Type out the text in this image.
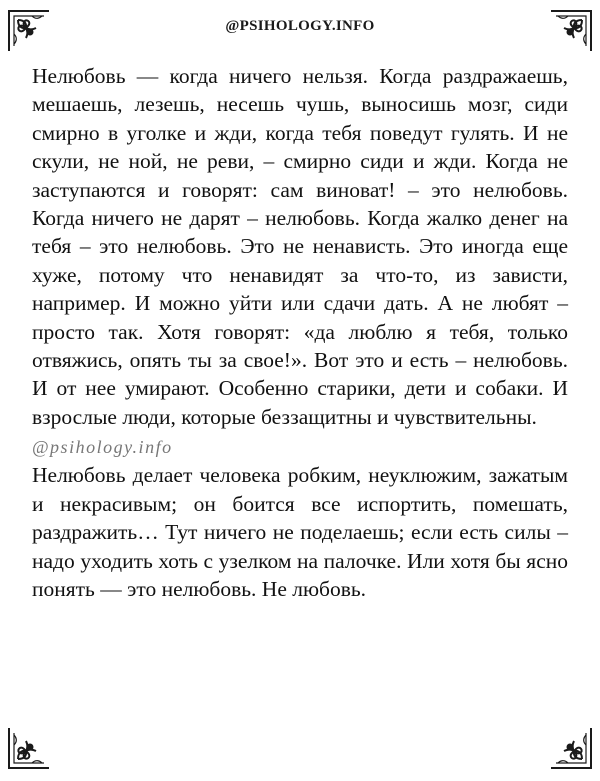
@PSIHOLOGY.INFO

Нелюбовь — когда ничего нельзя. Когда раздражаешь, мешаешь, лезешь, несешь чушь, выносишь мозг, сиди смирно в уголке и жди, когда тебя поведут гулять. И не скули, не ной, не реви, – смирно сиди и жди. Когда не заступаются и говорят: сам виноват! – это нелюбовь. Когда ничего не дарят – нелюбовь. Когда жалко денег на тебя – это нелюбовь. Это не ненависть. Это иногда еще хуже, потому что ненавидят за что-то, из зависти, например. И можно уйти или сдачи дать. А не любят – просто так. Хотя говорят: «да люблю я тебя, только отвяжись, опять ты за свое!». Вот это и есть – нелюбовь. И от нее умирают. Особенно старики, дети и собаки. И взрослые люди, которые беззащитны и чувствительны.

@psihology.info

Нелюбовь делает человека робким, неуклюжим, зажатым и некрасивым; он боится все испортить, помешать, раздражить… Тут ничего не поделаешь; если есть силы – надо уходить хоть с узелком на палочке. Или хотя бы ясно понять — это нелюбовь. Не любовь.
